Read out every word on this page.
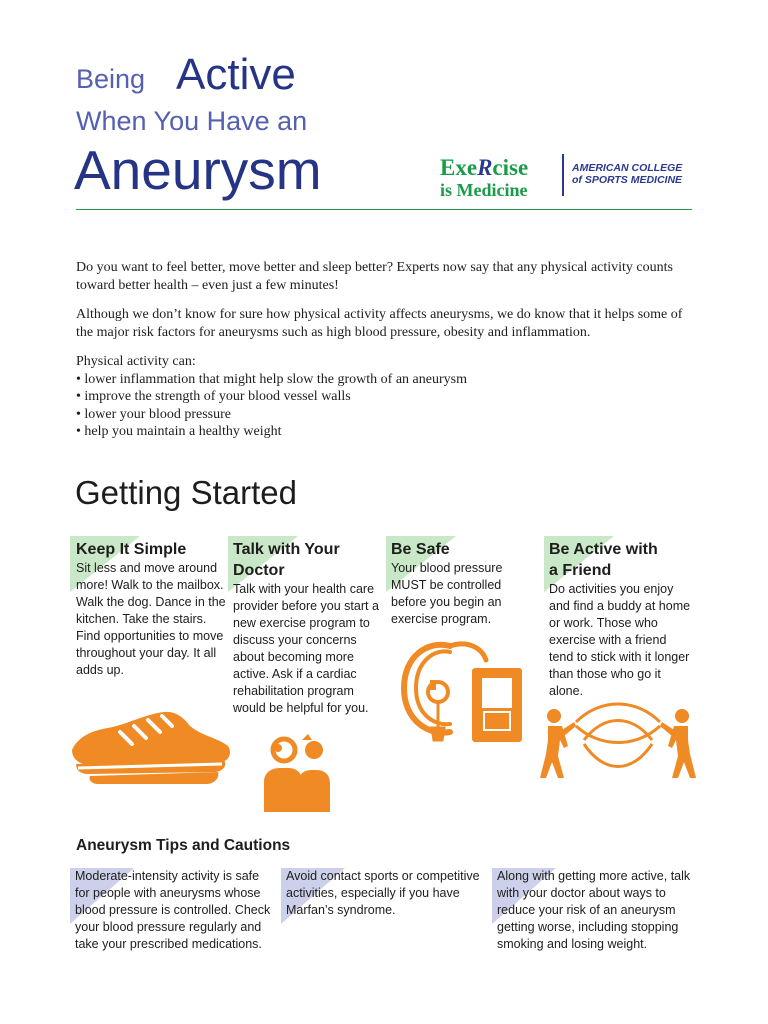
Being Active
When You Have an
Aneurysm	ExeRcise
is Medicine
AMERICAN COLLEGE
of SPORTS MEDICINE

Do you want to feel better, move better and sleep better? Experts now say that any physical activity counts toward better health – even just a few minutes!

Although we don’t know for sure how physical activity affects aneurysms, we do know that it helps some of the major risk factors for aneurysms such as high blood pressure, obesity and inflammation.

Physical activity can:

• lower inflammation that might help slow the growth of an aneurysm
• improve the strength of your blood vessel walls
• lower your blood pressure
• help you maintain a healthy weight
Getting Started
Keep It Simple

Sit less and move around more! Walk to the mailbox. Walk the dog. Dance in the kitchen. Take the stairs. Find opportunities to move throughout your day. It all adds up.

Talk with Your Doctor

Talk with your health care provider before you start a new exercise program to discuss your concerns about becoming more active. Ask if a cardiac rehabilitation program would be helpful for you.

Be Safe

Your blood pressure MUST be controlled before you begin an exercise program.

Be Active with a Friend

Do activities you enjoy and find a buddy at home or work. Those who exercise with a friend tend to stick with it longer than those who go it alone.

Aneurysm Tips and Cautions

Moderate-intensity activity is safe for people with aneurysms whose blood pressure is controlled. Check your blood pressure regularly and take your prescribed medications.

Avoid contact sports or competitive activities, especially if you have Marfan’s syndrome.

Along with getting more active, talk with your doctor about ways to reduce your risk of an aneurysm getting worse, including stopping smoking and losing weight.
